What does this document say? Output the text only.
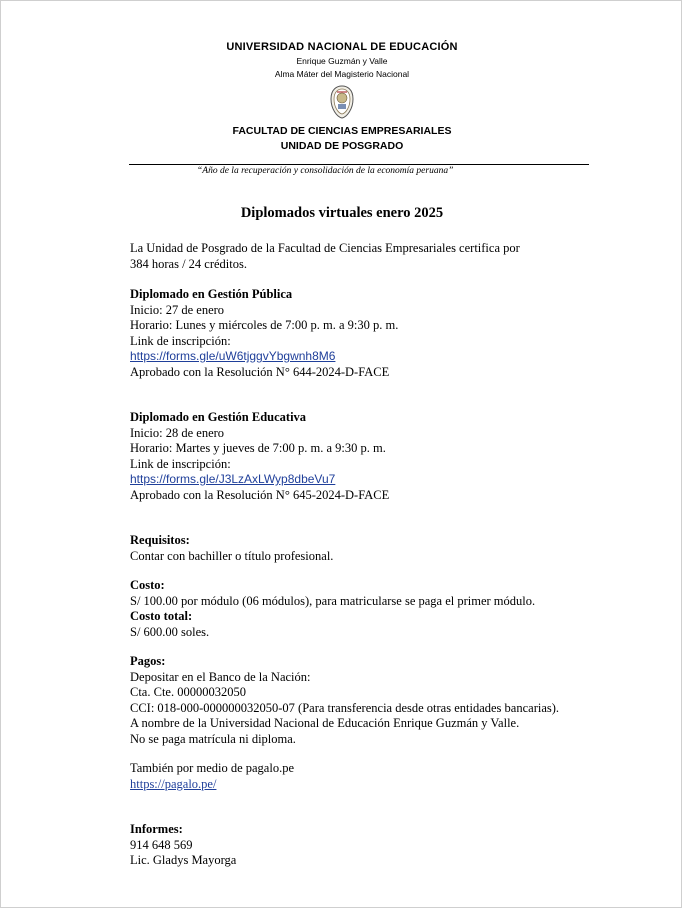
UNIVERSIDAD NACIONAL DE EDUCACIÓN
Enrique Guzmán y Valle
Alma Máter del Magisterio Nacional
FACULTAD DE CIENCIAS EMPRESARIALES
UNIDAD DE POSGRADO
“Año de la recuperación y consolidación de la economía peruana”
Diplomados virtuales enero 2025

La Unidad de Posgrado de la Facultad de Ciencias Empresariales certifica por

384 horas / 24 créditos.

Diplomado en Gestión Pública

Inicio: 27 de enero

Horario: Lunes y miércoles de 7:00 p. m. a 9:30 p. m.

Link de inscripción:

https://forms.gle/uW6tjggvYbgwnh8M6

Aprobado con la Resolución N° 644-2024-D-FACE

Diplomado en Gestión Educativa

Inicio: 28 de enero

Horario: Martes y jueves de 7:00 p. m. a 9:30 p. m.

Link de inscripción:

https://forms.gle/J3LzAxLWyp8dbeVu7

Aprobado con la Resolución N° 645-2024-D-FACE

Requisitos:

Contar con bachiller o título profesional.

Costo:

S/ 100.00 por módulo (06 módulos), para matricularse se paga el primer módulo.

Costo total:

S/ 600.00 soles.

Pagos:

Depositar en el Banco de la Nación:

Cta. Cte. 00000032050

CCI: 018-000-000000032050-07 (Para transferencia desde otras entidades bancarias).

A nombre de la Universidad Nacional de Educación Enrique Guzmán y Valle.

No se paga matrícula ni diploma.

También por medio de pagalo.pe

https://pagalo.pe/

Informes:

914 648 569

Lic. Gladys Mayorga
